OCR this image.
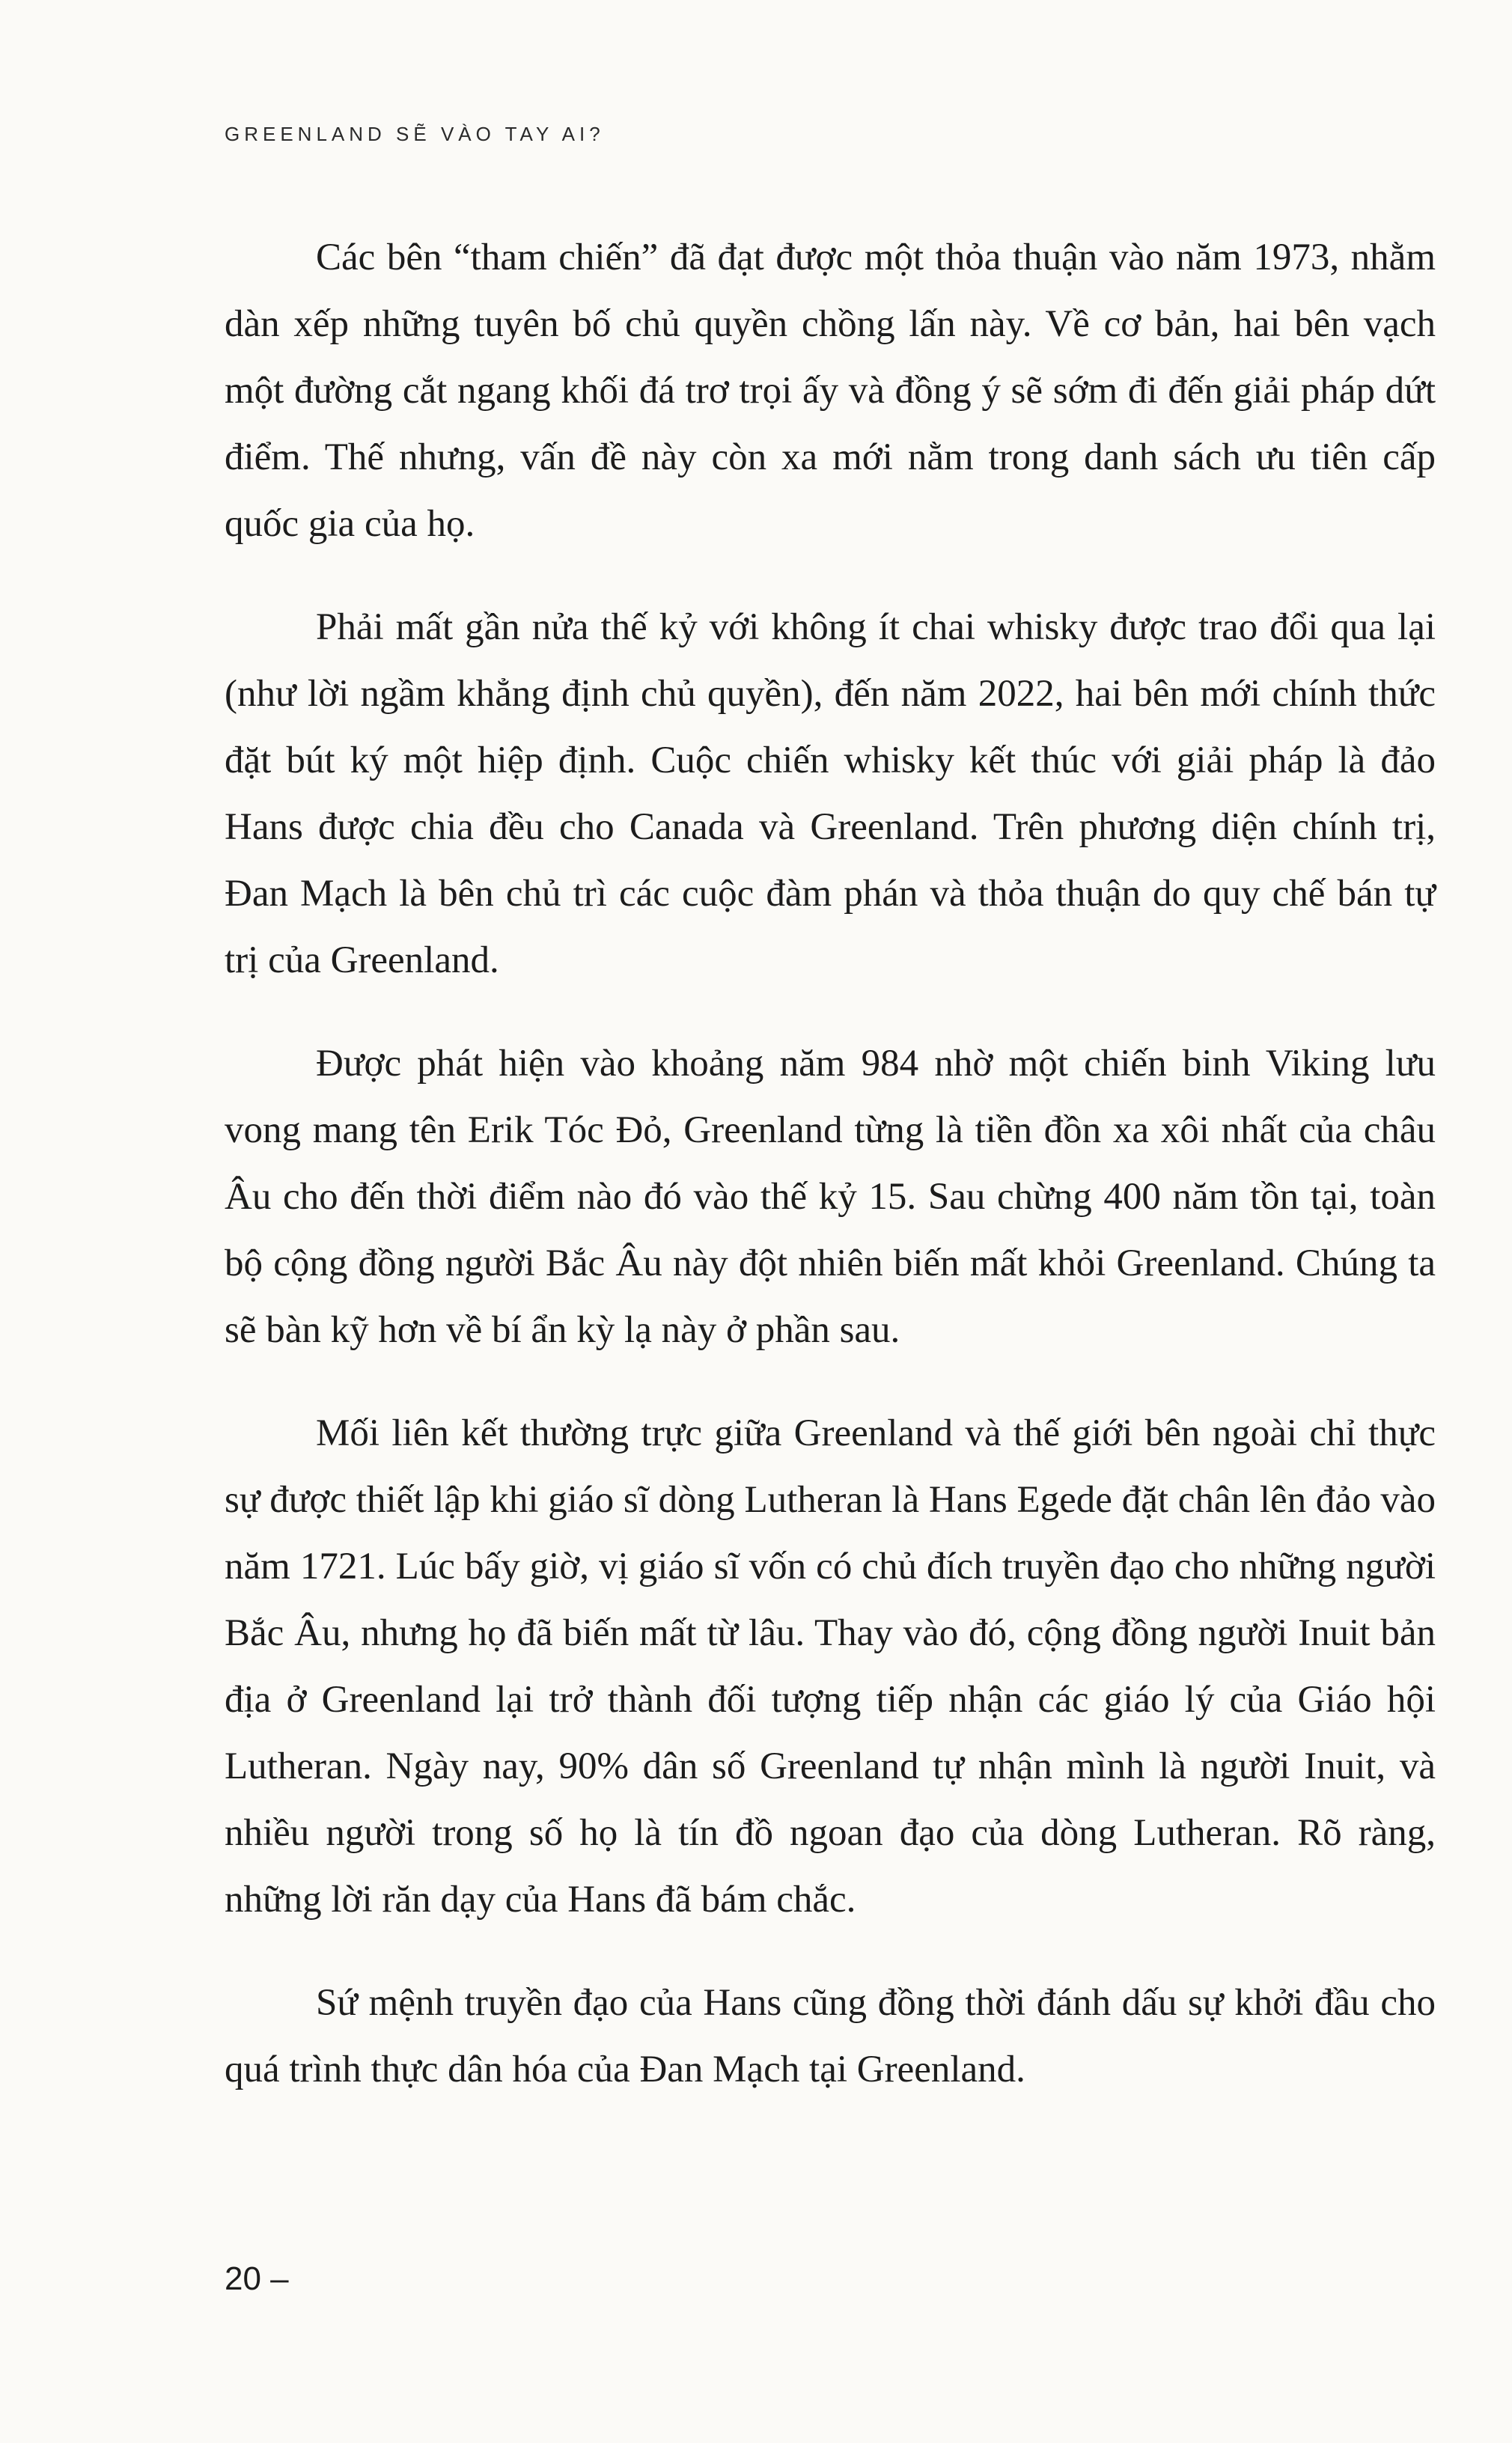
GREENLAND SẼ VÀO TAY AI?

Các bên “tham chiến” đã đạt được một thỏa thuận vào năm 1973, nhằm dàn xếp những tuyên bố chủ quyền chồng lấn này. Về cơ bản, hai bên vạch một đường cắt ngang khối đá trơ trọi ấy và đồng ý sẽ sớm đi đến giải pháp dứt điểm. Thế nhưng, vấn đề này còn xa mới nằm trong danh sách ưu tiên cấp quốc gia của họ.

Phải mất gần nửa thế kỷ với không ít chai whisky được trao đổi qua lại (như lời ngầm khẳng định chủ quyền), đến năm 2022, hai bên mới chính thức đặt bút ký một hiệp định. Cuộc chiến whisky kết thúc với giải pháp là đảo Hans được chia đều cho Canada và Greenland. Trên phương diện chính trị, Đan Mạch là bên chủ trì các cuộc đàm phán và thỏa thuận do quy chế bán tự trị của Greenland.

Được phát hiện vào khoảng năm 984 nhờ một chiến binh Viking lưu vong mang tên Erik Tóc Đỏ, Greenland từng là tiền đồn xa xôi nhất của châu Âu cho đến thời điểm nào đó vào thế kỷ 15. Sau chừng 400 năm tồn tại, toàn bộ cộng đồng người Bắc Âu này đột nhiên biến mất khỏi Greenland. Chúng ta sẽ bàn kỹ hơn về bí ẩn kỳ lạ này ở phần sau.

Mối liên kết thường trực giữa Greenland và thế giới bên ngoài chỉ thực sự được thiết lập khi giáo sĩ dòng Lutheran là Hans Egede đặt chân lên đảo vào năm 1721. Lúc bấy giờ, vị giáo sĩ vốn có chủ đích truyền đạo cho những người Bắc Âu, nhưng họ đã biến mất từ lâu. Thay vào đó, cộng đồng người Inuit bản địa ở Greenland lại trở thành đối tượng tiếp nhận các giáo lý của Giáo hội Lutheran. Ngày nay, 90% dân số Greenland tự nhận mình là người Inuit, và nhiều người trong số họ là tín đồ ngoan đạo của dòng Lutheran. Rõ ràng, những lời răn dạy của Hans đã bám chắc.

Sứ mệnh truyền đạo của Hans cũng đồng thời đánh dấu sự khởi đầu cho quá trình thực dân hóa của Đan Mạch tại Greenland.

20 –
